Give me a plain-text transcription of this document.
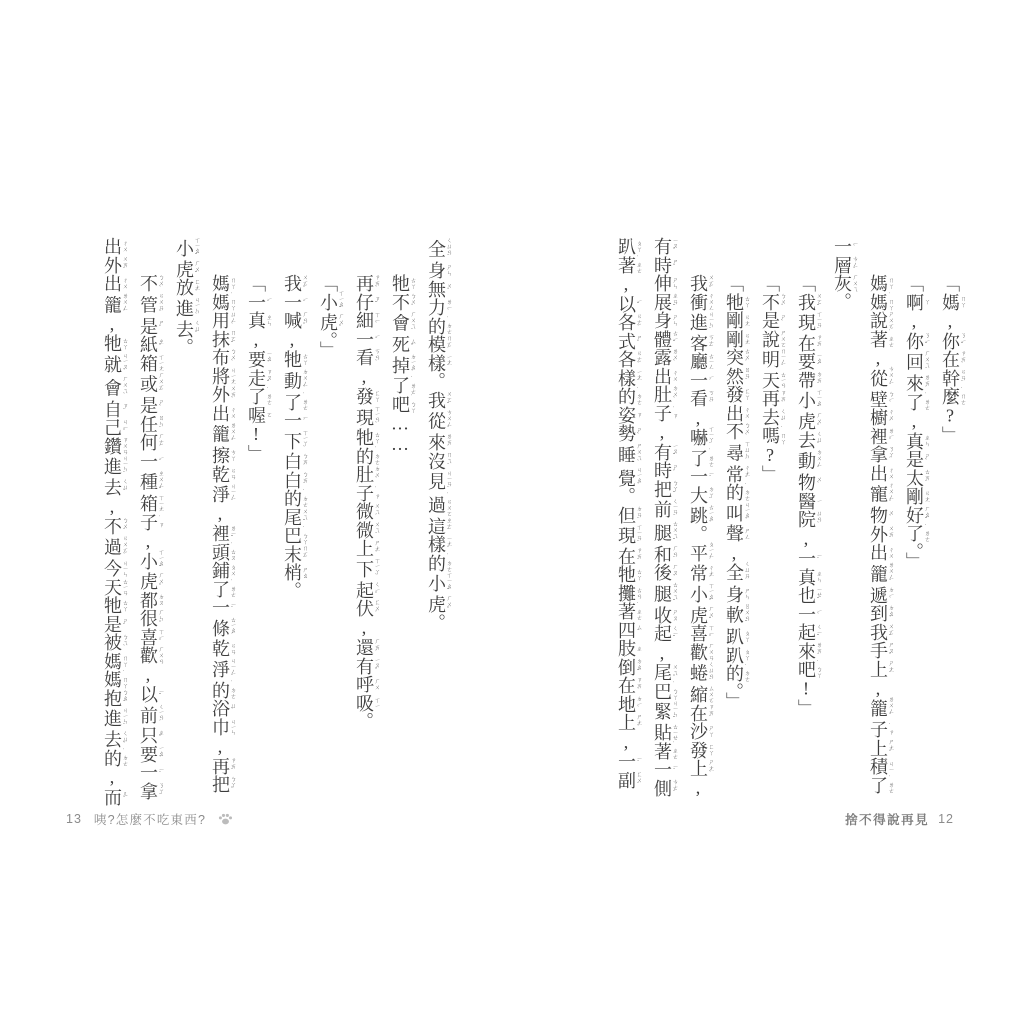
全 ㄑㄩㄢˊ身 ㄕㄣ無 ㄨˊ力 ㄌㄧˋ的 ˙ㄉㄜ模 ㄇㄛˊ樣 ㄧㄤˋ。我 ㄨㄛˇ從 ㄘㄨㄥˊ來 ㄌㄞˊ沒 ㄇㄟˊ見 ㄐㄧㄢˋ過 ˙ㄍㄨㄛ這 ㄓㄜˋ樣 ㄧㄤˋ的 ˙ㄉㄜ小 ㄒㄧㄠˇ虎 ㄏㄨˇ。
牠 ㄊㄚ不 ㄅㄨˊ會 ㄏㄨㄟˋ死 ㄙˇ掉 ㄉㄧㄠˋ了 ˙ㄌㄜ吧 ˙ㄅㄚ……
再 ㄗㄞˋ仔 ㄗˇ細 ㄒㄧˋ一 ㄧˊ看 ㄎㄢˋ,發 ㄈㄚ現 ㄒㄧㄢˋ牠 ㄊㄚ的 ˙ㄉㄜ肚 ㄉㄨˋ子 ˙ㄗ微 ㄨㄟˊ微 ㄨㄟˊ上 ㄕㄤˋ下 ㄒㄧㄚˋ起 ㄑㄧˇ伏 ㄈㄨˊ,還 ㄏㄞˊ有 ㄧㄡˇ呼 ㄏㄨ吸 ㄒㄧ。
「小 ㄒㄧㄠˇ虎 ㄏㄨˇ。」
我 ㄨㄛˇ一 ㄧˋ喊 ㄏㄢˇ,牠 ㄊㄚ動 ㄉㄨㄥˋ了 ˙ㄌㄜ一 ㄧˊ下 ㄒㄧㄚˋ白 ㄅㄞˊ白 ㄅㄞˊ的 ˙ㄉㄜ尾 ㄨㄟˇ巴 ˙ㄅㄚ末 ㄇㄛˋ梢 ㄕㄠ。
「一 ㄧˋ真 ㄓㄣ,要 ㄧㄠˋ走 ㄗㄡˇ了 ˙ㄌㄜ喔 ㄛ!」
媽 ㄇㄚ媽 ˙ㄇㄚ用 ㄩㄥˋ抹 ㄇㄛˇ布 ㄅㄨˋ將 ㄐㄧㄤ外 ㄨㄞˋ出 ㄔㄨ籠 ㄌㄨㄥˊ擦 ㄘㄚ乾 ㄍㄢ淨 ㄐㄧㄥˋ,裡 ㄌㄧˇ頭 ˙ㄊㄡ鋪 ㄆㄨ了 ˙ㄌㄜ一 ㄧˋ條 ㄊㄧㄠˊ乾 ㄍㄢ淨 ㄐㄧㄥˋ的 ˙ㄉㄜ浴 ㄩˋ巾 ㄐㄧㄣ,再 ㄗㄞˋ把 ㄅㄚˇ
小 ㄒㄧㄠˇ虎 ㄏㄨˇ放 ㄈㄤˋ進 ㄐㄧㄣˋ去 ㄑㄩˋ。
不 ㄅㄨˋ管 ㄍㄨㄢˇ是 ㄕˋ紙 ㄓˇ箱 ㄒㄧㄤ或 ㄏㄨㄛˋ是 ㄕˋ任 ㄖㄣˋ何 ㄏㄜˊ一 ㄧˋ種 ㄓㄨㄥˇ箱 ㄒㄧㄤ子 ˙ㄗ,小 ㄒㄧㄠˇ虎 ㄏㄨˇ都 ㄉㄡ很 ㄏㄣˇ喜 ㄒㄧˇ歡 ㄏㄨㄢ,以 ㄧˇ前 ㄑㄧㄢˊ只 ㄓˇ要 ㄧㄠˋ一 ㄧˋ拿 ㄋㄚˊ
出 ㄔㄨ外 ㄨㄞˋ出 ㄔㄨ籠 ㄌㄨㄥˊ,牠 ㄊㄚ就 ㄐㄧㄡˋ會 ㄏㄨㄟˋ自 ㄗˋ己 ㄐㄧˇ鑽 ㄗㄨㄢ進 ㄐㄧㄣˋ去 ㄑㄩˋ,不 ㄅㄨˊ過 ㄍㄨㄛˋ今 ㄐㄧㄣ天 ㄊㄧㄢ牠 ㄊㄚ是 ㄕˋ被 ㄅㄟˋ媽 ㄇㄚ媽 ˙ㄇㄚ抱 ㄅㄠˋ進 ㄐㄧㄣˋ去 ㄑㄩˋ的 ˙ㄉㄜ,而 ㄦˊ
「媽 ㄇㄚ,你 ㄋㄧˇ在 ㄗㄞˋ幹 ㄍㄢˋ麼 ˙ㄇㄜ?」
「啊 ㄚ,你 ㄋㄧˇ回 ㄏㄨㄟˊ來 ㄌㄞˊ了 ˙ㄌㄜ,真 ㄓㄣ是 ㄕˋ太 ㄊㄞˋ剛 ㄍㄤ好 ㄏㄠˇ了 ˙ㄌㄜ。」
媽 ㄇㄚ媽 ˙ㄇㄚ說 ㄕㄨㄛ著 ˙ㄓㄜ,從 ㄘㄨㄥˊ壁 ㄅㄧˋ櫥 ㄔㄨˊ裡 ㄌㄧˇ拿 ㄋㄚˊ出 ㄔㄨ寵 ㄔㄨㄥˇ物 ㄨˋ外 ㄨㄞˋ出 ㄔㄨ籠 ㄌㄨㄥˊ遞 ㄉㄧˋ到 ㄉㄠˋ我 ㄨㄛˇ手 ㄕㄡˇ上 ㄕㄤˋ,籠 ㄌㄨㄥˊ子 ˙ㄗ上 ㄕㄤˋ積 ㄐㄧ了 ˙ㄌㄜ
一 ㄧˋ層 ㄘㄥˊ灰 ㄏㄨㄟ。
「我 ㄨㄛˇ現 ㄒㄧㄢˋ在 ㄗㄞˋ要 ㄧㄠˋ帶 ㄉㄞˋ小 ㄒㄧㄠˇ虎 ㄏㄨˇ去 ㄑㄩˋ動 ㄉㄨㄥˋ物 ㄨˋ醫 ㄧ院 ㄩㄢˋ,一 ㄧˋ真 ㄓㄣ也 ㄧㄝˇ一 ㄧˋ起 ㄑㄧˇ來 ㄌㄞˊ吧 ˙ㄅㄚ!」
「不 ㄅㄨˊ是 ㄕˋ說 ㄕㄨㄛ明 ㄇㄧㄥˊ天 ㄊㄧㄢ再 ㄗㄞˋ去 ㄑㄩˋ嗎 ˙ㄇㄚ?」
「牠 ㄊㄚ剛 ㄍㄤ剛 ㄍㄤ突 ㄊㄨˊ然 ㄖㄢˊ發 ㄈㄚ出 ㄔㄨ不 ㄅㄨˋ尋 ㄒㄩㄣˊ常 ㄔㄤˊ的 ˙ㄉㄜ叫 ㄐㄧㄠˋ聲 ㄕㄥ,全 ㄑㄩㄢˊ身 ㄕㄣ軟 ㄖㄨㄢˇ趴 ㄆㄚ趴 ㄆㄚ的 ˙ㄉㄜ。」
我 ㄨㄛˇ衝 ㄔㄨㄥ進 ㄐㄧㄣˋ客 ㄎㄜˋ廳 ㄊㄧㄥ一 ㄧˊ看 ㄎㄢˋ,嚇 ㄒㄧㄚˋ了 ˙ㄌㄜ一 ㄧˊ大 ㄉㄚˋ跳 ㄊㄧㄠˋ。平 ㄆㄧㄥˊ常 ㄔㄤˊ小 ㄒㄧㄠˇ虎 ㄏㄨˇ喜 ㄒㄧˇ歡 ㄏㄨㄢ蜷 ㄑㄩㄢˊ縮 ㄙㄨㄛ在 ㄗㄞˋ沙 ㄕㄚ發 ㄈㄚ上 ㄕㄤˋ,
有 ㄧㄡˇ時 ㄕˊ伸 ㄕㄣ展 ㄓㄢˇ身 ㄕㄣ體 ㄊㄧˇ露 ㄌㄨˋ出 ㄔㄨ肚 ㄉㄨˋ子 ˙ㄗ,有 ㄧㄡˇ時 ㄕˊ把 ㄅㄚˇ前 ㄑㄧㄢˊ腿 ㄊㄨㄟˇ和 ㄏㄢˋ後 ㄏㄡˋ腿 ㄊㄨㄟˇ收 ㄕㄡ起 ㄑㄧˇ,尾 ㄨㄟˇ巴 ˙ㄅㄚ緊 ㄐㄧㄣˇ貼 ㄊㄧㄝ著 ˙ㄓㄜ一 ㄧˊ側 ㄘㄜˋ
趴 ㄆㄚ著 ˙ㄓㄜ,以 ㄧˇ各 ㄍㄜˋ式 ㄕˋ各 ㄍㄜˋ樣 ㄧㄤˋ的 ˙ㄉㄜ姿 ㄗ勢 ㄕˋ睡 ㄕㄨㄟˋ覺 ㄐㄧㄠˋ。但 ㄉㄢˋ現 ㄒㄧㄢˋ在 ㄗㄞˋ牠 ㄊㄚ攤 ㄊㄢ著 ˙ㄓㄜ四 ㄙˋ肢 ㄓ倒 ㄉㄠˇ在 ㄗㄞˋ地 ㄉㄧˋ上 ㄕㄤˋ,一 ㄧˊ副 ㄈㄨˋ
13 咦?怎麼不吃東西?	捨不得說再見 12
